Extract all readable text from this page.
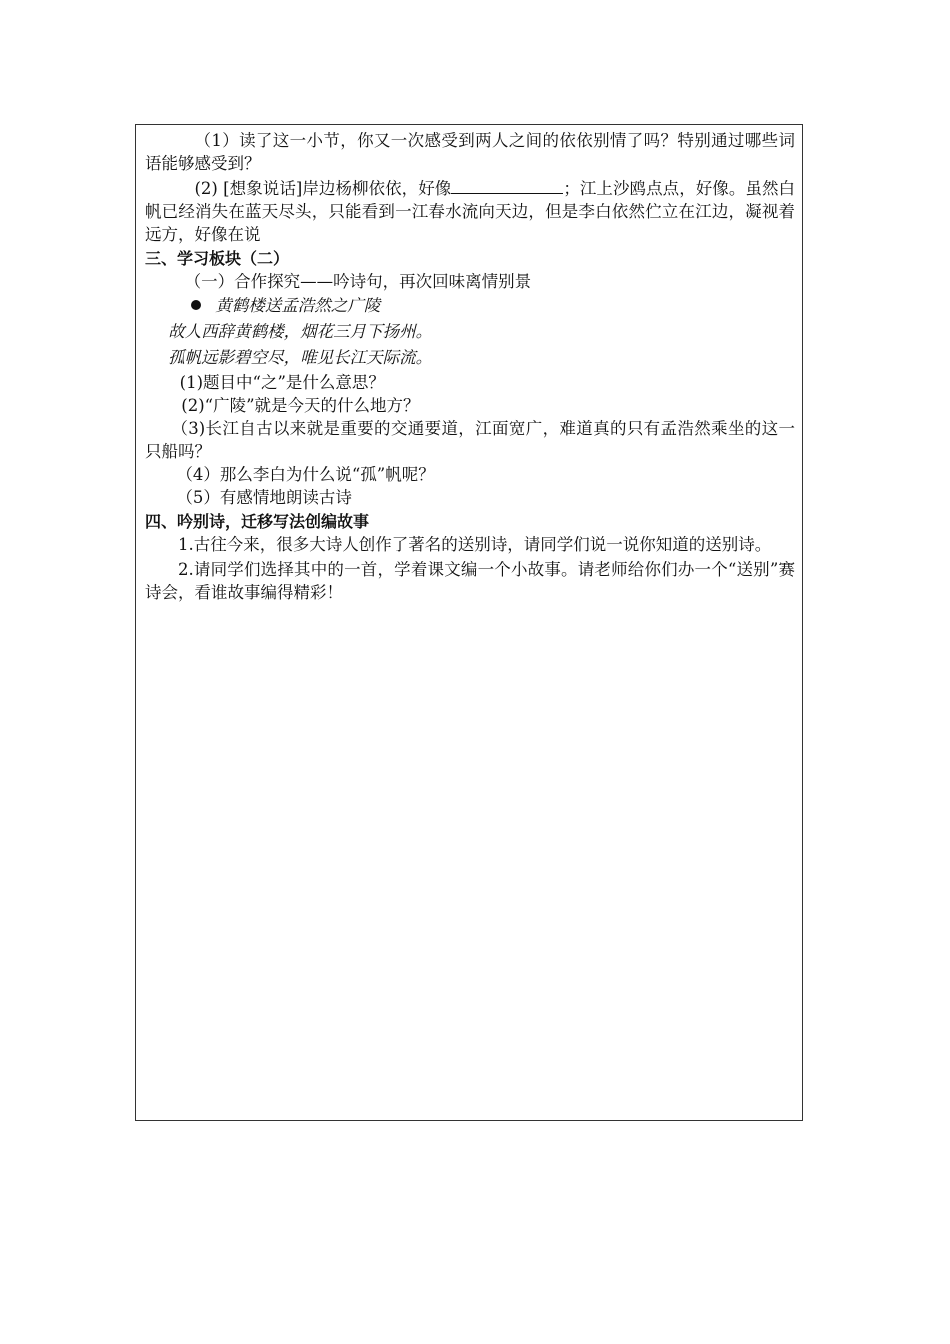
（1）读了这一小节，你又一次感受到两人之间的依依别情了吗？特别通过哪些词语能够感受到？

(2) [想象说话]岸边杨柳依依，好像	；江上沙鸥点点，好像。虽然白帆已经消失在蓝天尽头，只能看到一江春水流向天边，但是李白依然伫立在江边，凝视着远方，好像在说

三、学习板块（二）

（一）合作探究——吟诗句，再次回味离情别景

黄鹤楼送孟浩然之广陵

故人西辞黄鹤楼，烟花三月下扬州。

孤帆远影碧空尽，唯见长江天际流。

(1)题目中“之”是什么意思？

(2)“广陵”就是今天的什么地方？

（3)长江自古以来就是重要的交通要道，江面宽广，难道真的只有孟浩然乘坐的这一只船吗？

（4）那么李白为什么说“孤”帆呢？

（5）有感情地朗读古诗

四、吟别诗，迁移写法创编故事

1.古往今来，很多大诗人创作了著名的送别诗，请同学们说一说你知道的送别诗。

2.请同学们选择其中的一首，学着课文编一个小故事。请老师给你们办一个“送别”赛诗会，看谁故事编得精彩！
